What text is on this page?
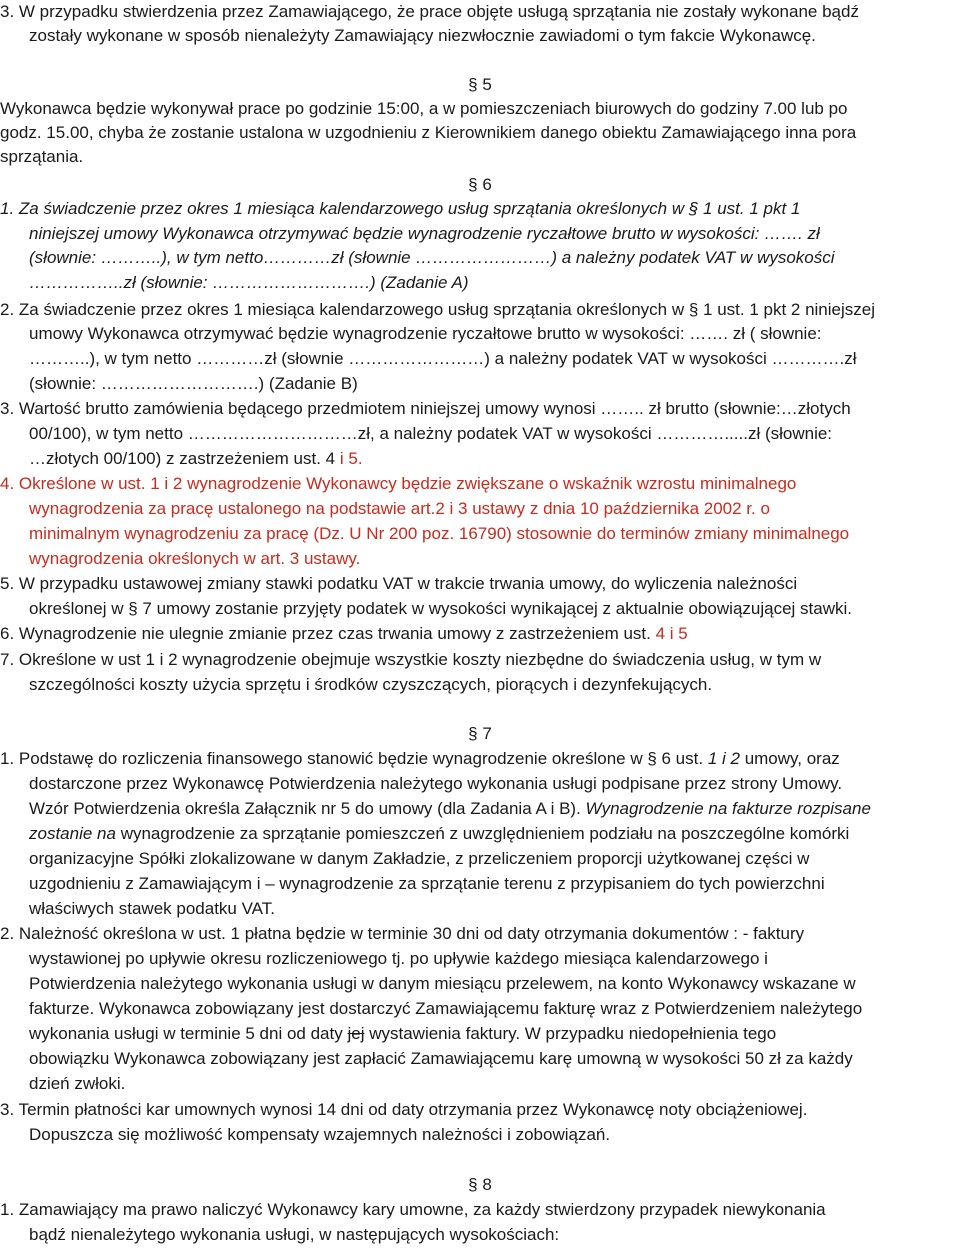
3. W przypadku stwierdzenia przez Zamawiającego, że prace objęte usługą sprzątania nie zostały wykonane bądź
zostały wykonane w sposób nienależyty Zamawiający niezwłocznie zawiadomi o tym fakcie Wykonawcę.
§ 5
Wykonawca będzie wykonywał prace po godzinie 15:00, a w pomieszczeniach biurowych do godziny 7.00 lub po
godz. 15.00, chyba że zostanie ustalona w uzgodnieniu z Kierownikiem danego obiektu Zamawiającego inna pora
sprzątania.
§ 6
1. Za świadczenie przez okres 1 miesiąca kalendarzowego usług sprzątania określonych w § 1 ust. 1 pkt 1
niniejszej umowy Wykonawca otrzymywać będzie wynagrodzenie ryczałtowe brutto w wysokości: ……. zł
(słownie: ………..), w tym netto…………zł (słownie ……………………) a należny podatek VAT w wysokości
……………..zł (słownie: ……………………….) (Zadanie A)
2. Za świadczenie przez okres 1 miesiąca kalendarzowego usług sprzątania określonych w § 1 ust. 1 pkt 2 niniejszej
umowy Wykonawca otrzymywać będzie wynagrodzenie ryczałtowe brutto w wysokości: ……. zł ( słownie:
………..), w tym netto …………zł (słownie ……………………) a należny podatek VAT w wysokości ………….zł
(słownie: ……………………….) (Zadanie B)
3. Wartość brutto zamówienia będącego przedmiotem niniejszej umowy wynosi …….. zł brutto (słownie:…złotych
00/100), w tym netto …………………………zł, a należny podatek VAT w wysokości ………….....zł (słownie:
…złotych 00/100) z zastrzeżeniem ust. 4 i 5.
4. Określone w ust. 1 i 2 wynagrodzenie Wykonawcy będzie zwiększane o wskaźnik wzrostu minimalnego
wynagrodzenia za pracę ustalonego na podstawie art.2 i 3 ustawy z dnia 10 października 2002 r. o
minimalnym wynagrodzeniu za pracę (Dz. U Nr 200 poz. 16790) stosownie do terminów zmiany minimalnego
wynagrodzenia określonych w art. 3 ustawy.
5. W przypadku ustawowej zmiany stawki podatku VAT w trakcie trwania umowy, do wyliczenia należności
określonej w § 7 umowy zostanie przyjęty podatek w wysokości wynikającej z aktualnie obowiązującej stawki.
6. Wynagrodzenie nie ulegnie zmianie przez czas trwania umowy z zastrzeżeniem ust. 4 i 5
7. Określone w ust 1 i 2 wynagrodzenie obejmuje wszystkie koszty niezbędne do świadczenia usług, w tym w
szczególności koszty użycia sprzętu i środków czyszczących, piorących i dezynfekujących.
§ 7
1. Podstawę do rozliczenia finansowego stanowić będzie wynagrodzenie określone w § 6 ust. 1 i 2 umowy, oraz
dostarczone przez Wykonawcę Potwierdzenia należytego wykonania usługi podpisane przez strony Umowy.
Wzór Potwierdzenia określa Załącznik nr 5 do umowy (dla Zadania A i B). Wynagrodzenie na fakturze rozpisane
zostanie na wynagrodzenie za sprzątanie pomieszczeń z uwzględnieniem podziału na poszczególne komórki
organizacyjne Spółki zlokalizowane w danym Zakładzie, z przeliczeniem proporcji użytkowanej części w
uzgodnieniu z Zamawiającym i – wynagrodzenie za sprzątanie terenu z przypisaniem do tych powierzchni
właściwych stawek podatku VAT.
2. Należność określona w ust. 1 płatna będzie w terminie 30 dni od daty otrzymania dokumentów : - faktury
wystawionej po upływie okresu rozliczeniowego tj. po upływie każdego miesiąca kalendarzowego i
Potwierdzenia należytego wykonania usługi w danym miesiącu przelewem, na konto Wykonawcy wskazane w
fakturze. Wykonawca zobowiązany jest dostarczyć Zamawiającemu fakturę wraz z Potwierdzeniem należytego
wykonania usługi w terminie 5 dni od daty jej wystawienia faktury. W przypadku niedopełnienia tego
obowiązku Wykonawca zobowiązany jest zapłacić Zamawiającemu karę umowną w wysokości 50 zł za każdy
dzień zwłoki.
3. Termin płatności kar umownych wynosi 14 dni od daty otrzymania przez Wykonawcę noty obciążeniowej.
Dopuszcza się możliwość kompensaty wzajemnych należności i zobowiązań.
§ 8
1. Zamawiający ma prawo naliczyć Wykonawcy kary umowne, za każdy stwierdzony przypadek niewykonania
bądź nienależytego wykonania usługi, w następujących wysokościach:
